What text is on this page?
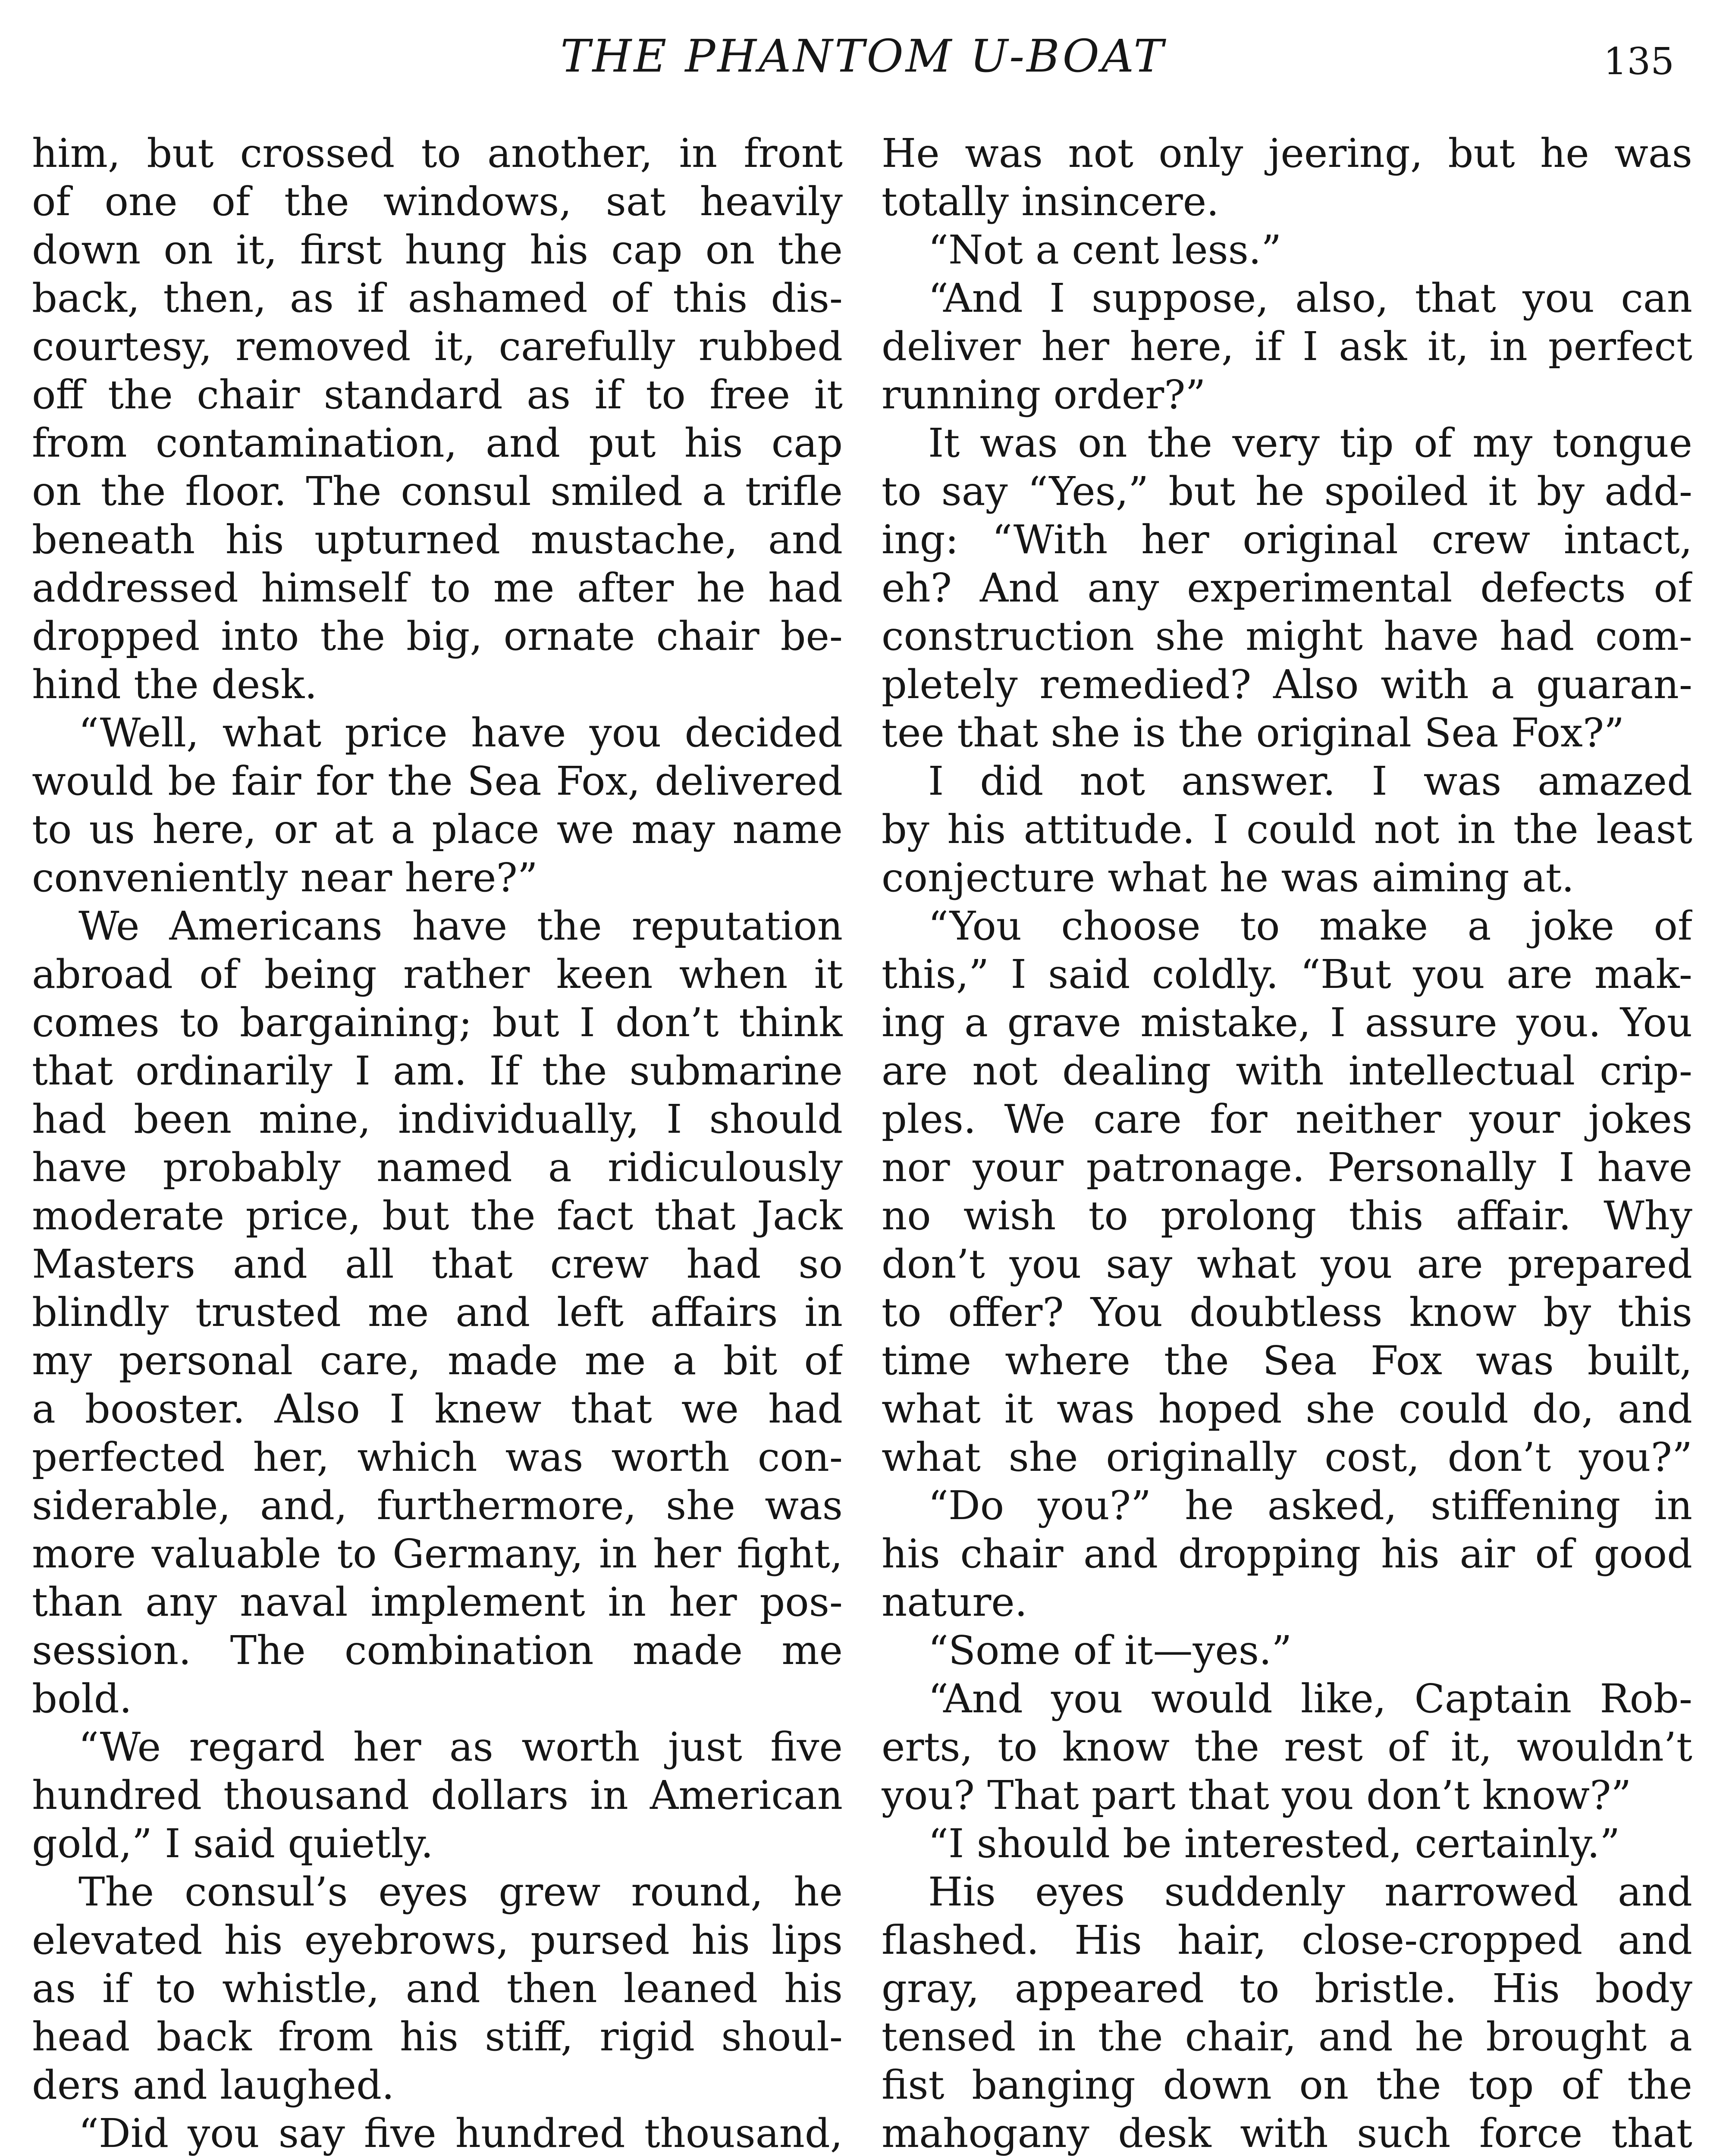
THE PHANTOM U-BOAT	135
him, but crossed to another, in front
of one of the windows, sat heavily
down on it, first hung his cap on the
back, then, as if ashamed of this dis-
courtesy, removed it, carefully rubbed
off the chair standard as if to free it
from contamination, and put his cap
on the floor. The consul smiled a trifle
beneath his upturned mustache, and
addressed himself to me after he had
dropped into the big, ornate chair be-
hind the desk.
“Well, what price have you decided
would be fair for the Sea Fox, delivered
to us here, or at a place we may name
conveniently near here?”
We Americans have the reputation
abroad of being rather keen when it
comes to bargaining; but I don’t think
that ordinarily I am. If the submarine
had been mine, individually, I should
have probably named a ridiculously
moderate price, but the fact that Jack
Masters and all that crew had so
blindly trusted me and left affairs in
my personal care, made me a bit of
a booster. Also I knew that we had
perfected her, which was worth con-
siderable, and, furthermore, she was
more valuable to Germany, in her fight,
than any naval implement in her pos-
session. The combination made me
bold.
“We regard her as worth just five
hundred thousand dollars in American
gold,” I said quietly.
The consul’s eyes grew round, he
elevated his eyebrows, pursed his lips
as if to whistle, and then leaned his
head back from his stiff, rigid shoul-
ders and laughed.
“Did you say five hundred thousand,
He was not only jeering, but he was
totally insincere.
“Not a cent less.”
“And I suppose, also, that you can
deliver her here, if I ask it, in perfect
running order?”
It was on the very tip of my tongue
to say “Yes,” but he spoiled it by add-
ing: “With her original crew intact,
eh? And any experimental defects of
construction she might have had com-
pletely remedied? Also with a guaran-
tee that she is the original Sea Fox?”
I did not answer. I was amazed
by his attitude. I could not in the least
conjecture what he was aiming at.
“You choose to make a joke of
this,” I said coldly. “But you are mak-
ing a grave mistake, I assure you. You
are not dealing with intellectual crip-
ples. We care for neither your jokes
nor your patronage. Personally I have
no wish to prolong this affair. Why
don’t you say what you are prepared
to offer? You doubtless know by this
time where the Sea Fox was built,
what it was hoped she could do, and
what she originally cost, don’t you?”
“Do you?” he asked, stiffening in
his chair and dropping his air of good
nature.
“Some of it—yes.”
“And you would like, Captain Rob-
erts, to know the rest of it, wouldn’t
you? That part that you don’t know?”
“I should be interested, certainly.”
His eyes suddenly narrowed and
flashed. His hair, close-cropped and
gray, appeared to bristle. His body
tensed in the chair, and he brought a
fist banging down on the top of the
mahogany desk with such force that
